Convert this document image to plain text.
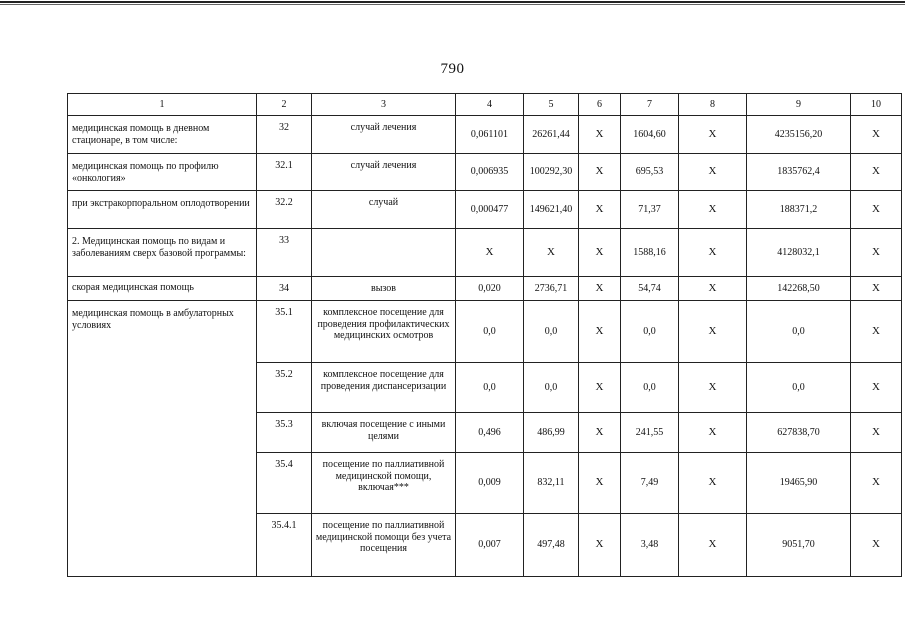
790
1	2	3	4	5	6	7	8	9	10
медицинская помощь в дневном стационаре, в том числе:	32	случай лечения	0,061101	26261,44	X	1604,60	X	4235156,20	X
медицинская помощь по профилю «онкология»	32.1	случай лечения	0,006935	100292,30	X	695,53	X	1835762,4	X
при экстракорпоральном оплодотворении	32.2	случай	0,000477	149621,40	X	71,37	X	188371,2	X
2. Медицинская помощь по видам и заболеваниям сверх базовой программы:	33		X	X	X	1588,16	X	4128032,1	X
скорая медицинская помощь	34	вызов	0,020	2736,71	X	54,74	X	142268,50	X
медицинская помощь в амбулаторных условиях	35.1	комплексное посещение для проведения профилактических медицинских осмотров	0,0	0,0	X	0,0	X	0,0	X
	35.2	комплексное посещение для проведения диспансеризации	0,0	0,0	X	0,0	X	0,0	X
	35.3	включая посещение с иными целями	0,496	486,99	X	241,55	X	627838,70	X
	35.4	посещение по паллиативной медицинской помощи, включая***	0,009	832,11	X	7,49	X	19465,90	X
	35.4.1	посещение по паллиативной медицинской помощи без учета посещения	0,007	497,48	X	3,48	X	9051,70	X
